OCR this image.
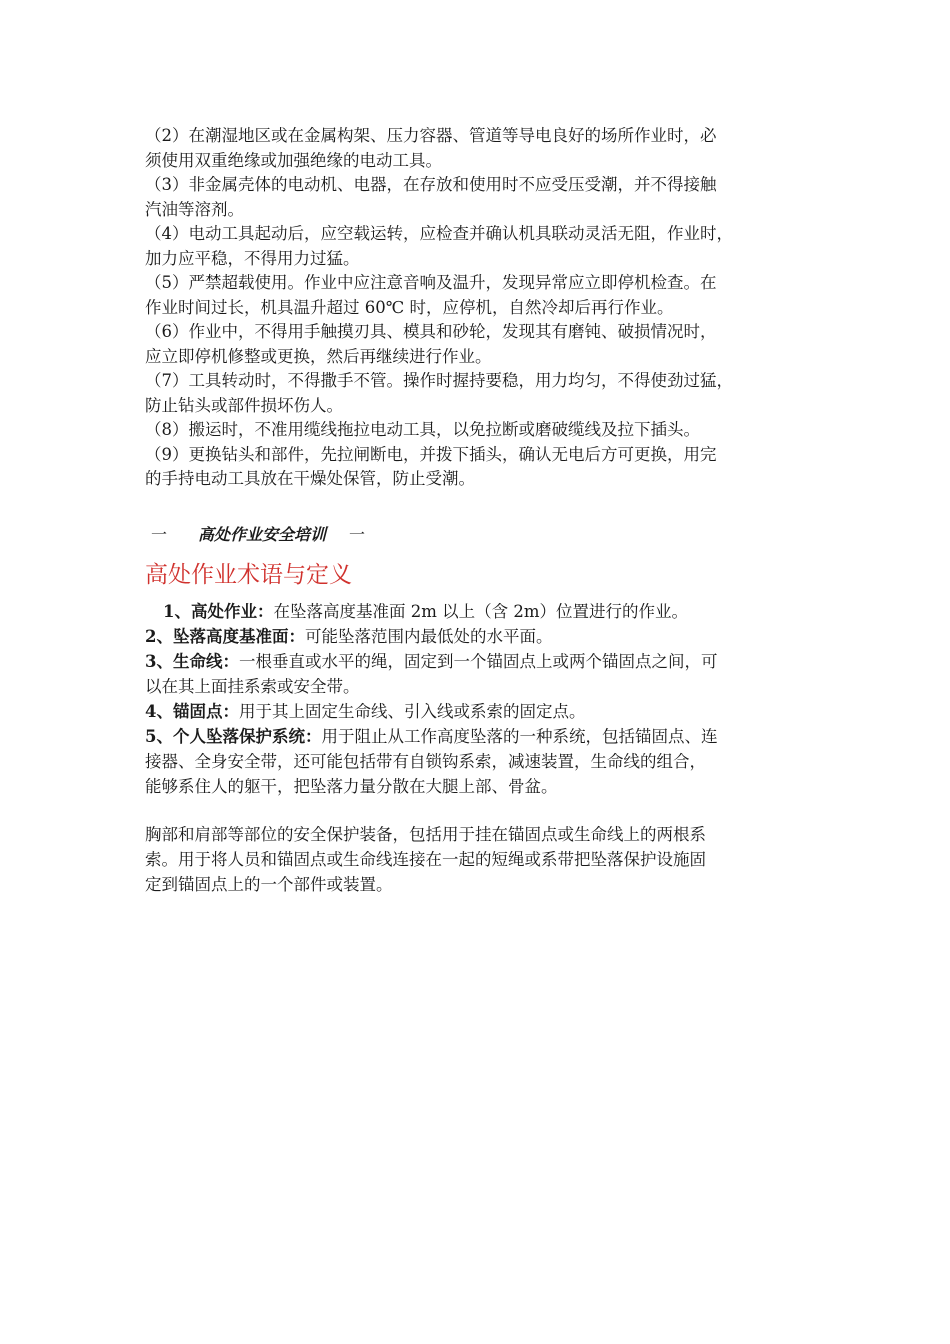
（2）在潮湿地区或在金属构架、压力容器、管道等导电良好的场所作业时，必
须使用双重绝缘或加强绝缘的电动工具。
（3）非金属壳体的电动机、电器，在存放和使用时不应受压受潮，并不得接触
汽油等溶剂。
（4）电动工具起动后，应空载运转，应检查并确认机具联动灵活无阻，作业时，
加力应平稳，不得用力过猛。
（5）严禁超载使用。作业中应注意音响及温升，发现异常应立即停机检查。在
作业时间过长，机具温升超过 60℃ 时，应停机，自然冷却后再行作业。
（6）作业中，不得用手触摸刃具、模具和砂轮，发现其有磨钝、破损情况时，
应立即停机修整或更换，然后再继续进行作业。
（7）工具转动时，不得撒手不管。操作时握持要稳，用力均匀，不得使劲过猛，
防止钻头或部件损坏伤人。
（8）搬运时，不准用缆线拖拉电动工具，以免拉断或磨破缆线及拉下插头。
（9）更换钻头和部件，先拉闸断电，并拨下插头，确认无电后方可更换，用完
的手持电动工具放在干燥处保管，防止受潮。
一 高处作业安全培训 一
高处作业术语与定义
1、高处作业：在坠落高度基准面 2m 以上（含 2m）位置进行的作业。
2、坠落高度基准面：可能坠落范围内最低处的水平面。
3、生命线：一根垂直或水平的绳，固定到一个锚固点上或两个锚固点之间，可
以在其上面挂系索或安全带。
4、锚固点：用于其上固定生命线、引入线或系索的固定点。
5、个人坠落保护系统：用于阻止从工作高度坠落的一种系统，包括锚固点、连
接器、全身安全带，还可能包括带有自锁钩系索，减速装置，生命线的组合，
能够系住人的躯干，把坠落力量分散在大腿上部、骨盆。
胸部和肩部等部位的安全保护装备，包括用于挂在锚固点或生命线上的两根系
索。用于将人员和锚固点或生命线连接在一起的短绳或系带把坠落保护设施固
定到锚固点上的一个部件或装置。
